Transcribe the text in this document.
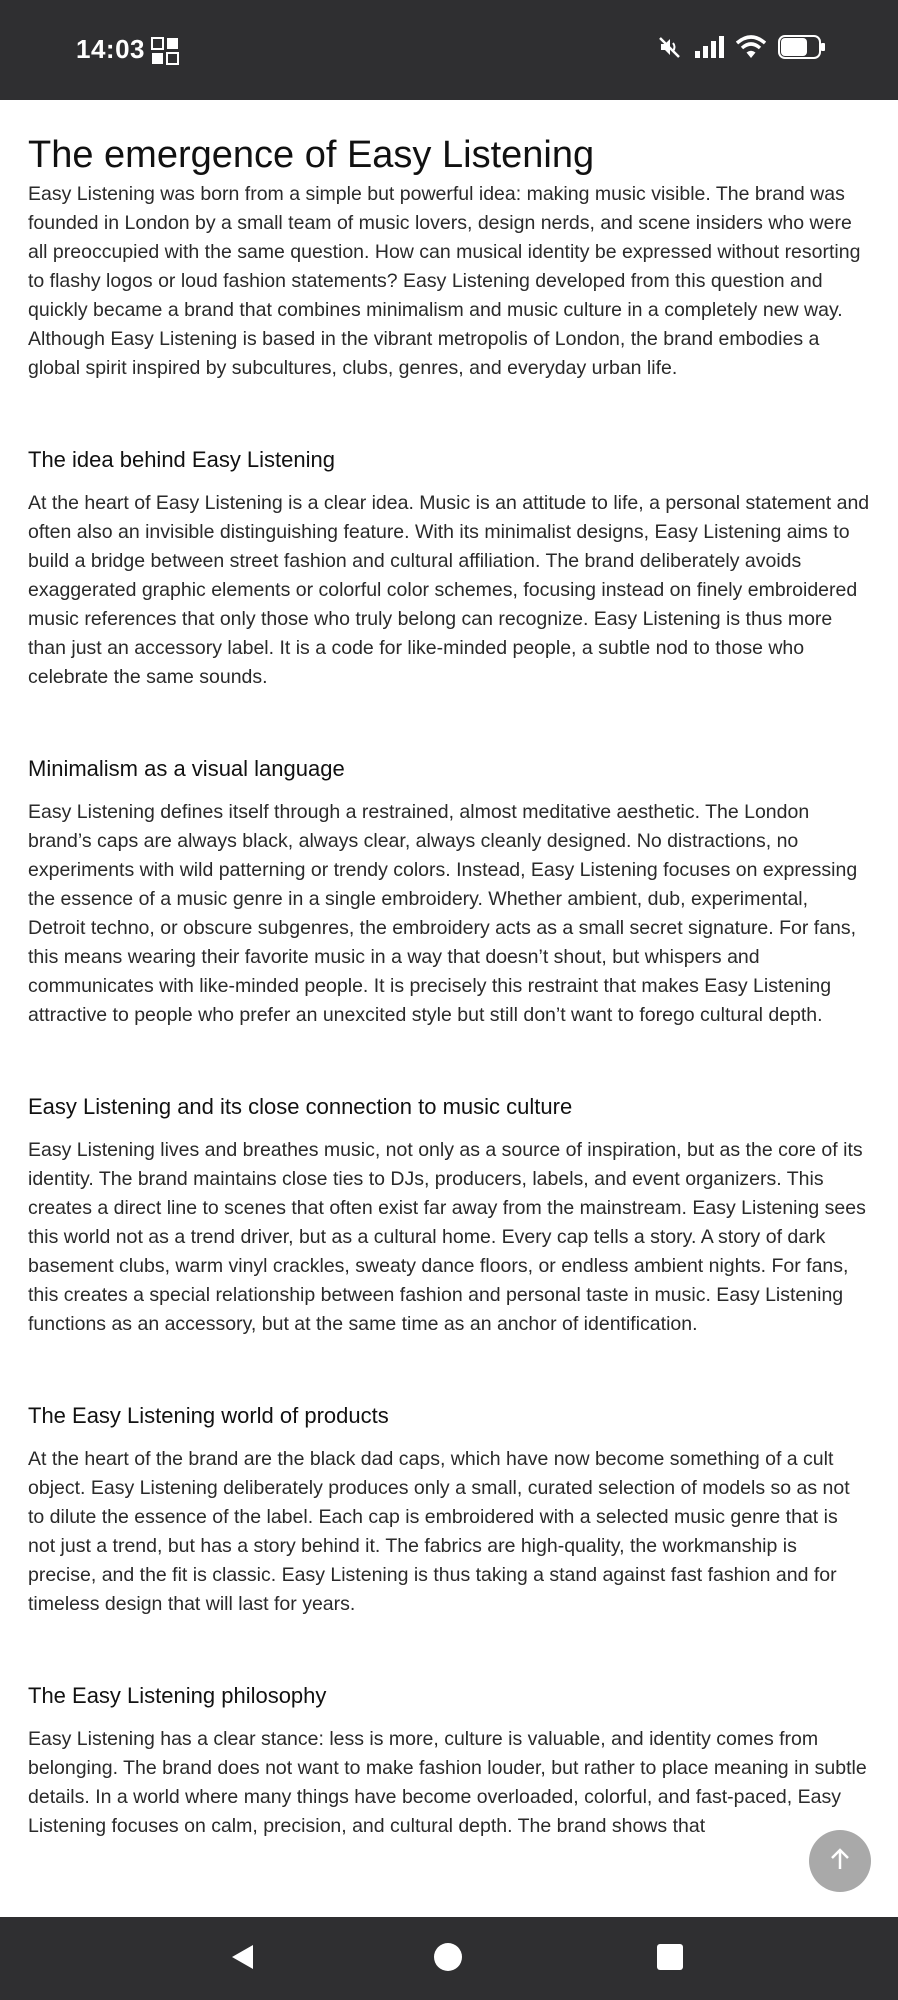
14:03
The emergence of Easy Listening

Easy Listening was born from a simple but powerful idea: making music visible. The brand was founded in London by a small team of music lovers, design nerds, and scene insiders who were all preoccupied with the same question. How can musical identity be expressed without resorting to flashy logos or loud fashion statements? Easy Listening developed from this question and quickly became a brand that combines minimalism and music culture in a completely new way. Although Easy Listening is based in the vibrant metropolis of London, the brand embodies a global spirit inspired by subcultures, clubs, genres, and everyday urban life.

The idea behind Easy Listening

At the heart of Easy Listening is a clear idea. Music is an attitude to life, a personal statement and often also an invisible distinguishing feature. With its minimalist designs, Easy Listening aims to build a bridge between street fashion and cultural affiliation. The brand deliberately avoids exaggerated graphic elements or colorful color schemes, focusing instead on finely embroidered music references that only those who truly belong can recognize. Easy Listening is thus more than just an accessory label. It is a code for like-minded people, a subtle nod to those who celebrate the same sounds.

Minimalism as a visual language

Easy Listening defines itself through a restrained, almost meditative aesthetic. The London brand’s caps are always black, always clear, always cleanly designed. No distractions, no experiments with wild patterning or trendy colors. Instead, Easy Listening focuses on expressing the essence of a music genre in a single embroidery. Whether ambient, dub, experimental, Detroit techno, or obscure subgenres, the embroidery acts as a small secret signature. For fans, this means wearing their favorite music in a way that doesn’t shout, but whispers and communicates with like-minded people. It is precisely this restraint that makes Easy Listening attractive to people who prefer an unexcited style but still don’t want to forego cultural depth.

Easy Listening and its close connection to music culture

Easy Listening lives and breathes music, not only as a source of inspiration, but as the core of its identity. The brand maintains close ties to DJs, producers, labels, and event organizers. This creates a direct line to scenes that often exist far away from the mainstream. Easy Listening sees this world not as a trend driver, but as a cultural home. Every cap tells a story. A story of dark basement clubs, warm vinyl crackles, sweaty dance floors, or endless ambient nights. For fans, this creates a special relationship between fashion and personal taste in music. Easy Listening functions as an accessory, but at the same time as an anchor of identification.

The Easy Listening world of products

At the heart of the brand are the black dad caps, which have now become something of a cult object. Easy Listening deliberately produces only a small, curated selection of models so as not to dilute the essence of the label. Each cap is embroidered with a selected music genre that is not just a trend, but has a story behind it. The fabrics are high-quality, the workmanship is precise, and the fit is classic. Easy Listening is thus taking a stand against fast fashion and for timeless design that will last for years.

The Easy Listening philosophy

Easy Listening has a clear stance: less is more, culture is valuable, and identity comes from belonging. The brand does not want to make fashion louder, but rather to place meaning in subtle details. In a world where many things have become overloaded, colorful, and fast-paced, Easy Listening focuses on calm, precision, and cultural depth. The brand shows that
